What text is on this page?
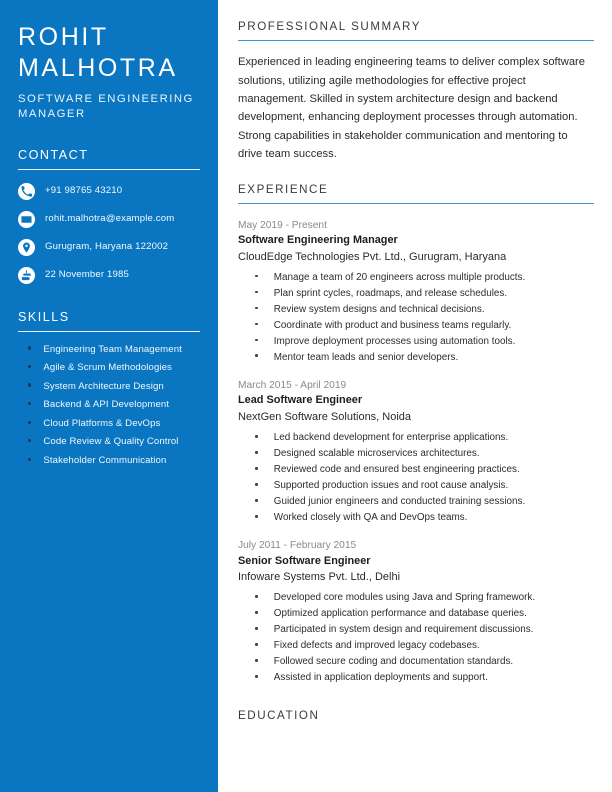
ROHIT
MALHOTRA
SOFTWARE ENGINEERING MANAGER
CONTACT
+91 98765 43210
rohit.malhotra@example.com
Gurugram, Haryana 122002
22 November 1985
SKILLS
Engineering Team Management
Agile & Scrum Methodologies
System Architecture Design
Backend & API Development
Cloud Platforms & DevOps
Code Review & Quality Control
Stakeholder Communication
PROFESSIONAL SUMMARY

Experienced in leading engineering teams to deliver complex software solutions, utilizing agile methodologies for effective project management. Skilled in system architecture design and backend development, enhancing deployment processes through automation. Strong capabilities in stakeholder communication and mentoring to drive team success.

EXPERIENCE
May 2019 - Present
Software Engineering Manager
CloudEdge Technologies Pvt. Ltd., Gurugram, Haryana
Manage a team of 20 engineers across multiple products.
Plan sprint cycles, roadmaps, and release schedules.
Review system designs and technical decisions.
Coordinate with product and business teams regularly.
Improve deployment processes using automation tools.
Mentor team leads and senior developers.
March 2015 - April 2019
Lead Software Engineer
NextGen Software Solutions, Noida
Led backend development for enterprise applications.
Designed scalable microservices architectures.
Reviewed code and ensured best engineering practices.
Supported production issues and root cause analysis.
Guided junior engineers and conducted training sessions.
Worked closely with QA and DevOps teams.
July 2011 - February 2015
Senior Software Engineer
Infoware Systems Pvt. Ltd., Delhi
Developed core modules using Java and Spring framework.
Optimized application performance and database queries.
Participated in system design and requirement discussions.
Fixed defects and improved legacy codebases.
Followed secure coding and documentation standards.
Assisted in application deployments and support.
EDUCATION
